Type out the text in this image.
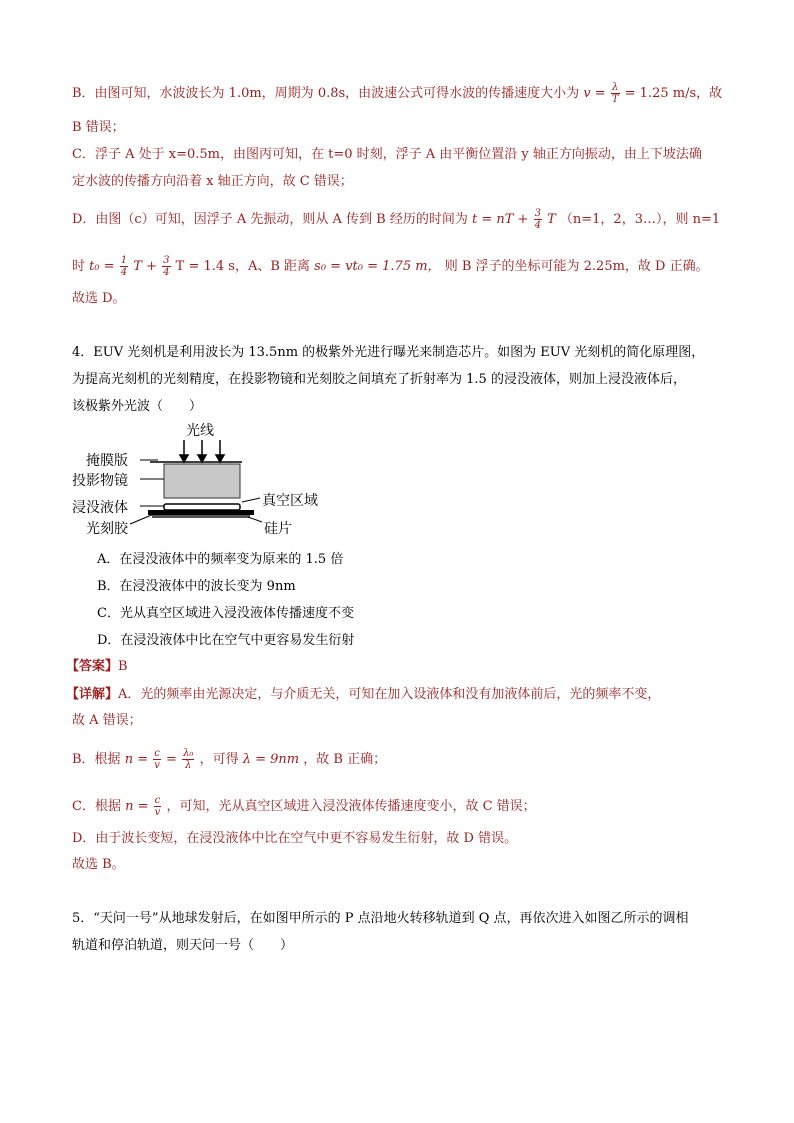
B．由图可知，水波波长为 1.0m，周期为 0.8s，由波速公式可得水波的传播速度大小为 $v = \frac{\lambda}{T} = 1.25$ m/s，故
B 错误；
C．浮子 A 处于 x=0.5m，由图丙可知，在 t=0 时刻，浮子 A 由平衡位置沿 y 轴正方向振动，由上下坡法确
定水波的传播方向沿着 x 轴正方向，故 C 错误；
D．由图（c）可知，因浮子 A 先振动，则从 A 传到 B 经历的时间为 t = nT + $\frac{3}{4}$ T （n=1，2，3…），则 n=1
时 $t_0 = \frac{1}{4}$ $T + \frac{3}{4}$ T = 1.4 s，A、B 距离 s₀ = vt₀ = 1.75 m， 则 B 浮子的坐标可能为 2.25m，故 D 正确。
故选 D。
4．EUV 光刻机是利用波长为 13.5nm 的极紫外光进行曝光来制造芯片。如图为 EUV 光刻机的简化原理图，
为提高光刻机的光刻精度，在投影物镜和光刻胶之间填充了折射率为 1.5 的浸没液体，则加上浸没液体后，
该极紫外光波（　　）
光线
掩膜版
投影物镜
浸没液体	真空区域
光刻胶	硅片
A．在浸没液体中的频率变为原来的 1.5 倍
B．在浸没液体中的波长变为 9nm
C．光从真空区域进入浸没液体传播速度不变
D．在浸没液体中比在空气中更容易发生衍射
【答案】B
【详解】A．光的频率由光源决定，与介质无关，可知在加入设液体和没有加液体前后，光的频率不变，
故 A 错误；
B．根据 $n = \frac{c}{v} = \frac{\text{λ₀}}{\lambda}$ ，可得 λ = 9nm ，故 B 正确；
C．根据 $n = \frac{c}{v}$ ，可知，光从真空区域进入浸没液体传播速度变小，故 C 错误；
D．由于波长变短，在浸没液体中比在空气中更不容易发生衍射，故 D 错误。
故选 B。
5．“天问一号”从地球发射后，在如图甲所示的 P 点沿地火转移轨道到 Q 点，再依次进入如图乙所示的调相
轨道和停泊轨道，则天问一号（　　）
